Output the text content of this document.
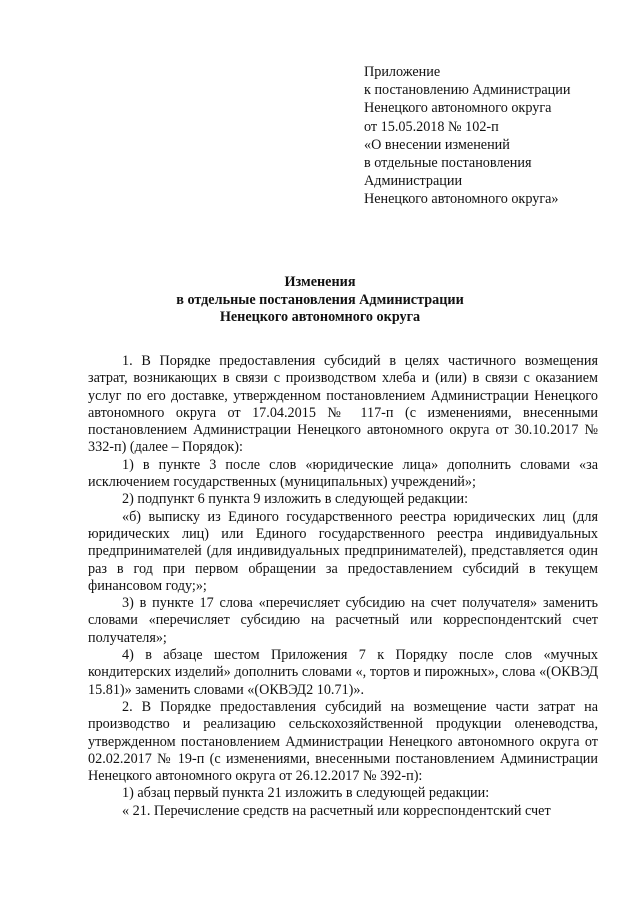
Приложение
к постановлению Администрации
Ненецкого автономного округа
от 15.05.2018 № 102-п
«О внесении изменений
в отдельные постановления
Администрации
Ненецкого автономного округа»
Изменения
в отдельные постановления Администрации
Ненецкого автономного округа

1. В Порядке предоставления субсидий в целях частичного возмещения затрат, возникающих в связи с производством хлеба и (или) в связи с оказанием услуг по его доставке, утвержденном постановлением Администрации Ненецкого автономного округа от 17.04.2015 № 117-п (с изменениями, внесенными постановлением Администрации Ненецкого автономного округа от 30.10.2017 № 332-п) (далее – Порядок):

1) в пункте 3 после слов «юридические лица» дополнить словами «за исключением государственных (муниципальных) учреждений»;

2) подпункт 6 пункта 9 изложить в следующей редакции:

«б) выписку из Единого государственного реестра юридических лиц (для юридических лиц) или Единого государственного реестра индивидуальных предпринимателей (для индивидуальных предпринимателей), представляется один раз в год при первом обращении за предоставлением субсидий в текущем финансовом году;»;

3) в пункте 17 слова «перечисляет субсидию на счет получателя» заменить словами «перечисляет субсидию на расчетный или корреспондентский счет получателя»;

4) в абзаце шестом Приложения 7 к Порядку после слов «мучных кондитерских изделий» дополнить словами «, тортов и пирожных», слова «(ОКВЭД 15.81)» заменить словами «(ОКВЭД2 10.71)».

2. В Порядке предоставления субсидий на возмещение части затрат на производство и реализацию сельскохозяйственной продукции оленеводства, утвержденном постановлением Администрации Ненецкого автономного округа от 02.02.2017 № 19-п (с изменениями, внесенными постановлением Администрации Ненецкого автономного округа от 26.12.2017 № 392-п):

1) абзац первый пункта 21 изложить в следующей редакции:

« 21. Перечисление средств на расчетный или корреспондентский счет
